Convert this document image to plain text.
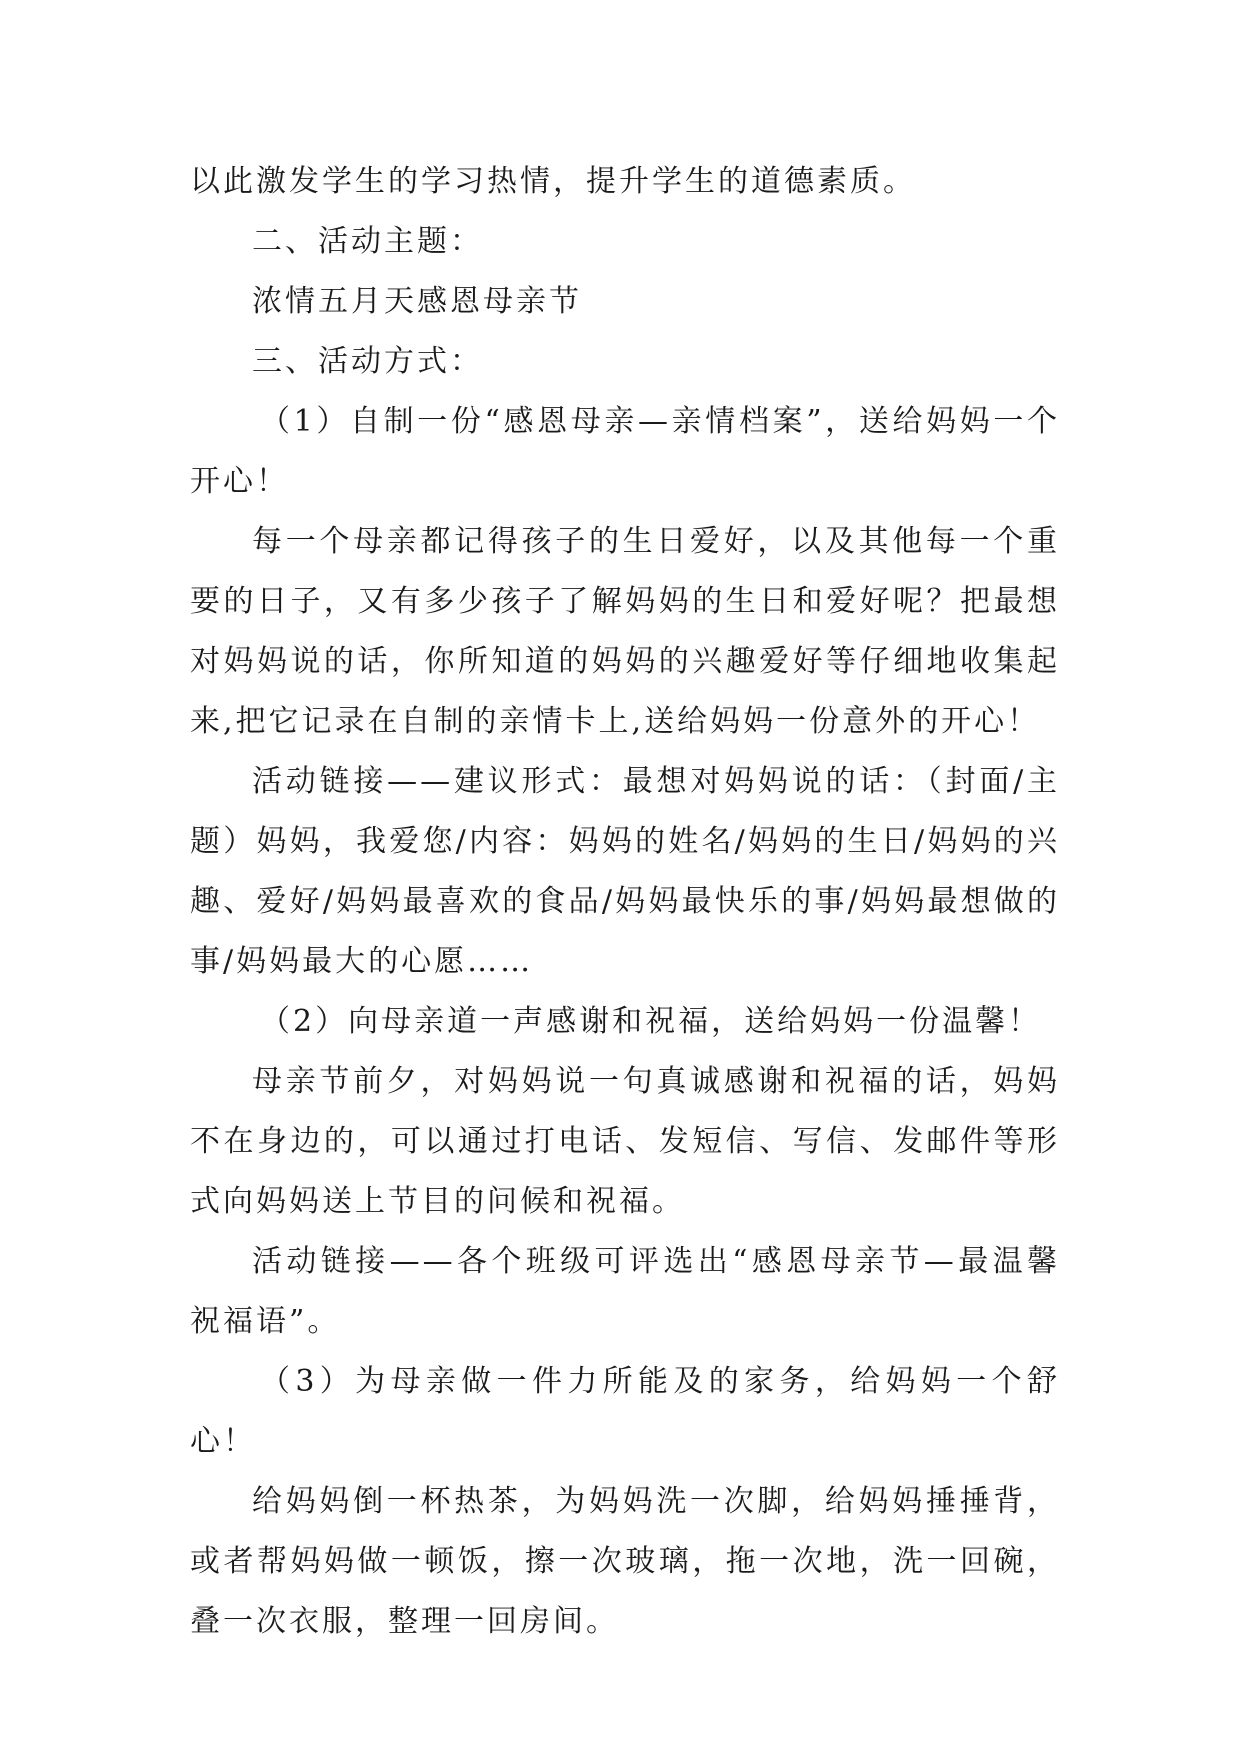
以此激发学生的学习热情，提升学生的道德素质。

二、活动主题：

浓情五月天感恩母亲节

三、活动方式：

（1）自制一份“感恩母亲—亲情档案”，送给妈妈一个开心！

每一个母亲都记得孩子的生日爱好，以及其他每一个重要的日子，又有多少孩子了解妈妈的生日和爱好呢？把最想对妈妈说的话，你所知道的妈妈的兴趣爱好等仔细地收集起来,把它记录在自制的亲情卡上,送给妈妈一份意外的开心！

活动链接——建议形式：最想对妈妈说的话：（封面/主题）妈妈，我爱您/内容：妈妈的姓名/妈妈的生日/妈妈的兴趣、爱好/妈妈最喜欢的食品/妈妈最快乐的事/妈妈最想做的事/妈妈最大的心愿……

（2）向母亲道一声感谢和祝福，送给妈妈一份温馨！

母亲节前夕，对妈妈说一句真诚感谢和祝福的话，妈妈不在身边的，可以通过打电话、发短信、写信、发邮件等形式向妈妈送上节目的问候和祝福。

活动链接——各个班级可评选出“感恩母亲节—最温馨祝福语”。

（3）为母亲做一件力所能及的家务，给妈妈一个舒心！

给妈妈倒一杯热茶，为妈妈洗一次脚，给妈妈捶捶背，或者帮妈妈做一顿饭，擦一次玻璃，拖一次地，洗一回碗，叠一次衣服，整理一回房间。
